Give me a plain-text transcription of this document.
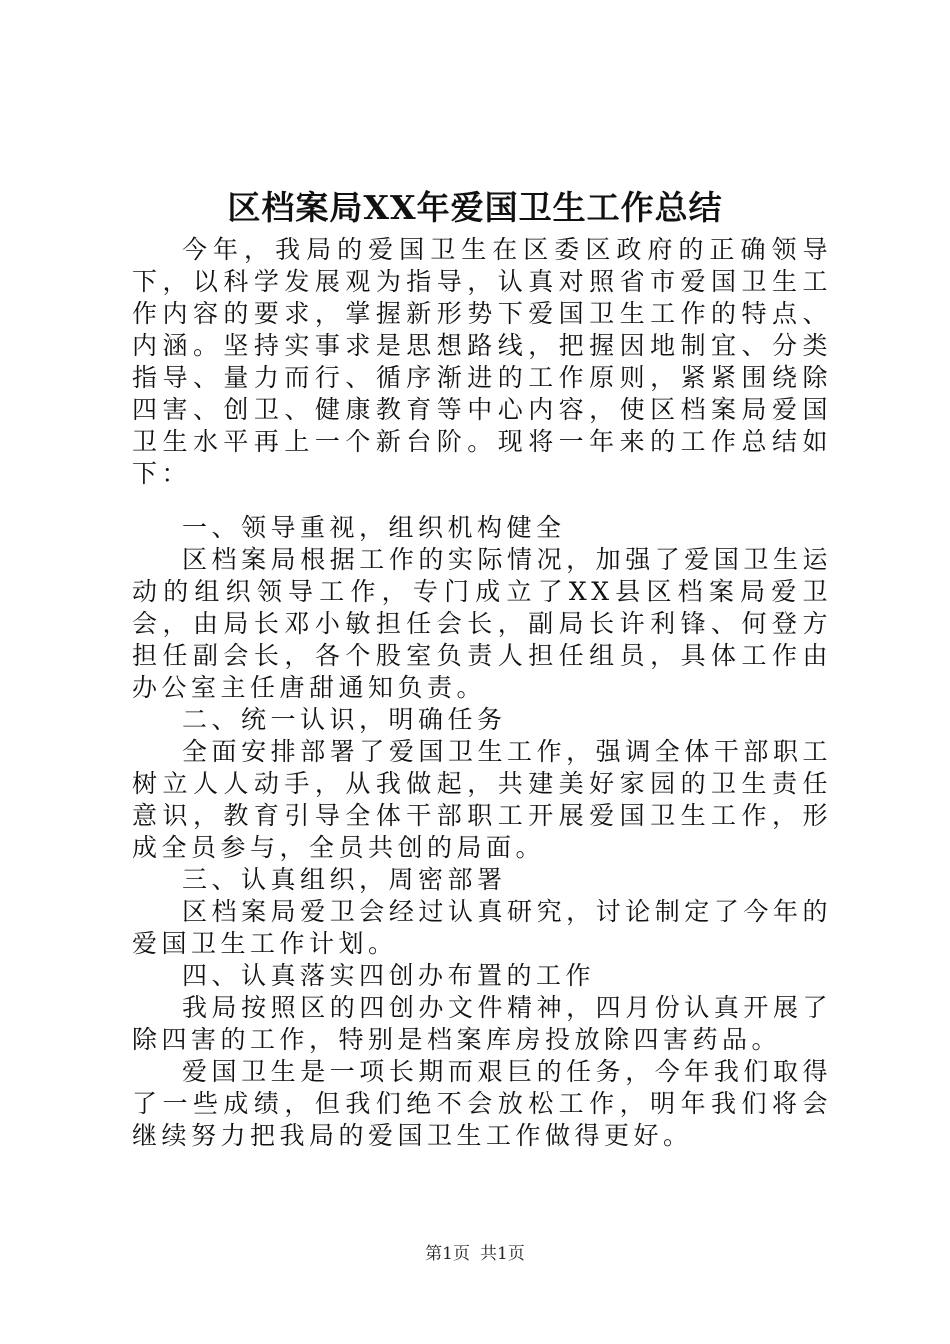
区档案局XX年爱国卫生工作总结

今年，我局的爱国卫生在区委区政府的正确领导下，以科学发展观为指导，认真对照省市爱国卫生工作内容的要求，掌握新形势下爱国卫生工作的特点、内涵。坚持实事求是思想路线，把握因地制宜、分类指导、量力而行、循序渐进的工作原则，紧紧围绕除四害、创卫、健康教育等中心内容，使区档案局爱国卫生水平再上一个新台阶。现将一年来的工作总结如下：

一、领导重视，组织机构健全

区档案局根据工作的实际情况，加强了爱国卫生运动的组织领导工作，专门成立了XX县区档案局爱卫会，由局长邓小敏担任会长，副局长许利锋、何登方担任副会长，各个股室负责人担任组员，具体工作由办公室主任唐甜通知负责。

二、统一认识，明确任务

全面安排部署了爱国卫生工作，强调全体干部职工树立人人动手，从我做起，共建美好家园的卫生责任意识，教育引导全体干部职工开展爱国卫生工作，形成全员参与，全员共创的局面。

三、认真组织，周密部署

区档案局爱卫会经过认真研究，讨论制定了今年的爱国卫生工作计划。

四、认真落实四创办布置的工作

我局按照区的四创办文件精神，四月份认真开展了除四害的工作，特别是档案库房投放除四害药品。

爱国卫生是一项长期而艰巨的任务，今年我们取得了一些成绩，但我们绝不会放松工作，明年我们将会继续努力把我局的爱国卫生工作做得更好。

第1页 共1页
